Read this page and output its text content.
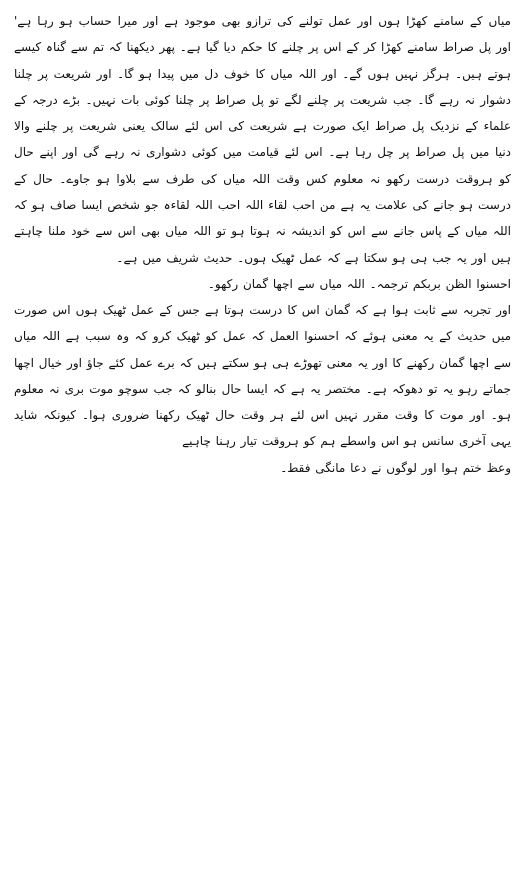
میاں کے سامنے کھڑا ہوں اور عمل تولنے کی ترازو بھی موجود ہے اور میرا حساب ہو رہا ہے' اور پل صراط سامنے کھڑا کر کے اس پر چلنے کا حکم دیا گیا ہے۔ پھر دیکھنا کہ تم سے گناہ کیسے ہوتے ہیں۔ ہرگز نہیں ہوں گے۔ اور اللہ میاں کا خوف دل میں پیدا ہو گا۔ اور شریعت پر چلنا دشوار نہ رہے گا۔ جب شریعت پر چلنے لگے تو پل صراط پر چلنا کوئی بات نہیں۔ بڑے درجہ کے علماء کے نزدیک پل صراط ایک صورت ہے شریعت کی اس لئے سالک یعنی شریعت پر چلنے والا دنیا میں پل صراط پر چل رہا ہے۔ اس لئے قیامت میں کوئی دشواری نہ رہے گی اور اپنے حال کو ہروقت درست رکھو نہ معلوم کس وقت اللہ میاں کی طرف سے بلاوا ہو جاوے۔ حال کے درست ہو جانے کی علامت یہ ہے من احب لقاء اللہ احب اللہ لقاءہ جو شخص ایسا صاف ہو کہ اللہ میاں کے پاس جانے سے اس کو اندیشہ نہ ہوتا ہو تو اللہ میاں بھی اس سے خود ملنا چاہتے ہیں اور یہ جب ہی ہو سکتا ہے کہ عمل ٹھیک ہوں۔ حدیث شریف میں ہے۔

احسنوا الظن بربکم ترجمہ۔ اللہ میاں سے اچھا گمان رکھو۔

اور تجربہ سے ثابت ہوا ہے کہ گمان اس کا درست ہوتا ہے جس کے عمل ٹھیک ہوں اس صورت میں حدیث کے یہ معنی ہوئے کہ احسنوا العمل کہ عمل کو ٹھیک کرو کہ وہ سبب ہے اللہ میاں سے اچھا گمان رکھنے کا اور یہ معنی تھوڑے ہی ہو سکتے ہیں کہ برے عمل کئے جاؤ اور خیال اچھا جماتے رہو یہ تو دھوکہ ہے۔ مختصر یہ ہے کہ ایسا حال بنالو کہ جب سوچو موت بری نہ معلوم ہو۔ اور موت کا وقت مقرر نہیں اس لئے ہر وقت حال ٹھیک رکھنا ضروری ہوا۔ کیونکہ شاید یہی آخری سانس ہو اس واسطے ہم کو ہروقت تیار رہنا چاہیے

وعظ ختم ہوا اور لوگوں نے دعا مانگی فقط۔
